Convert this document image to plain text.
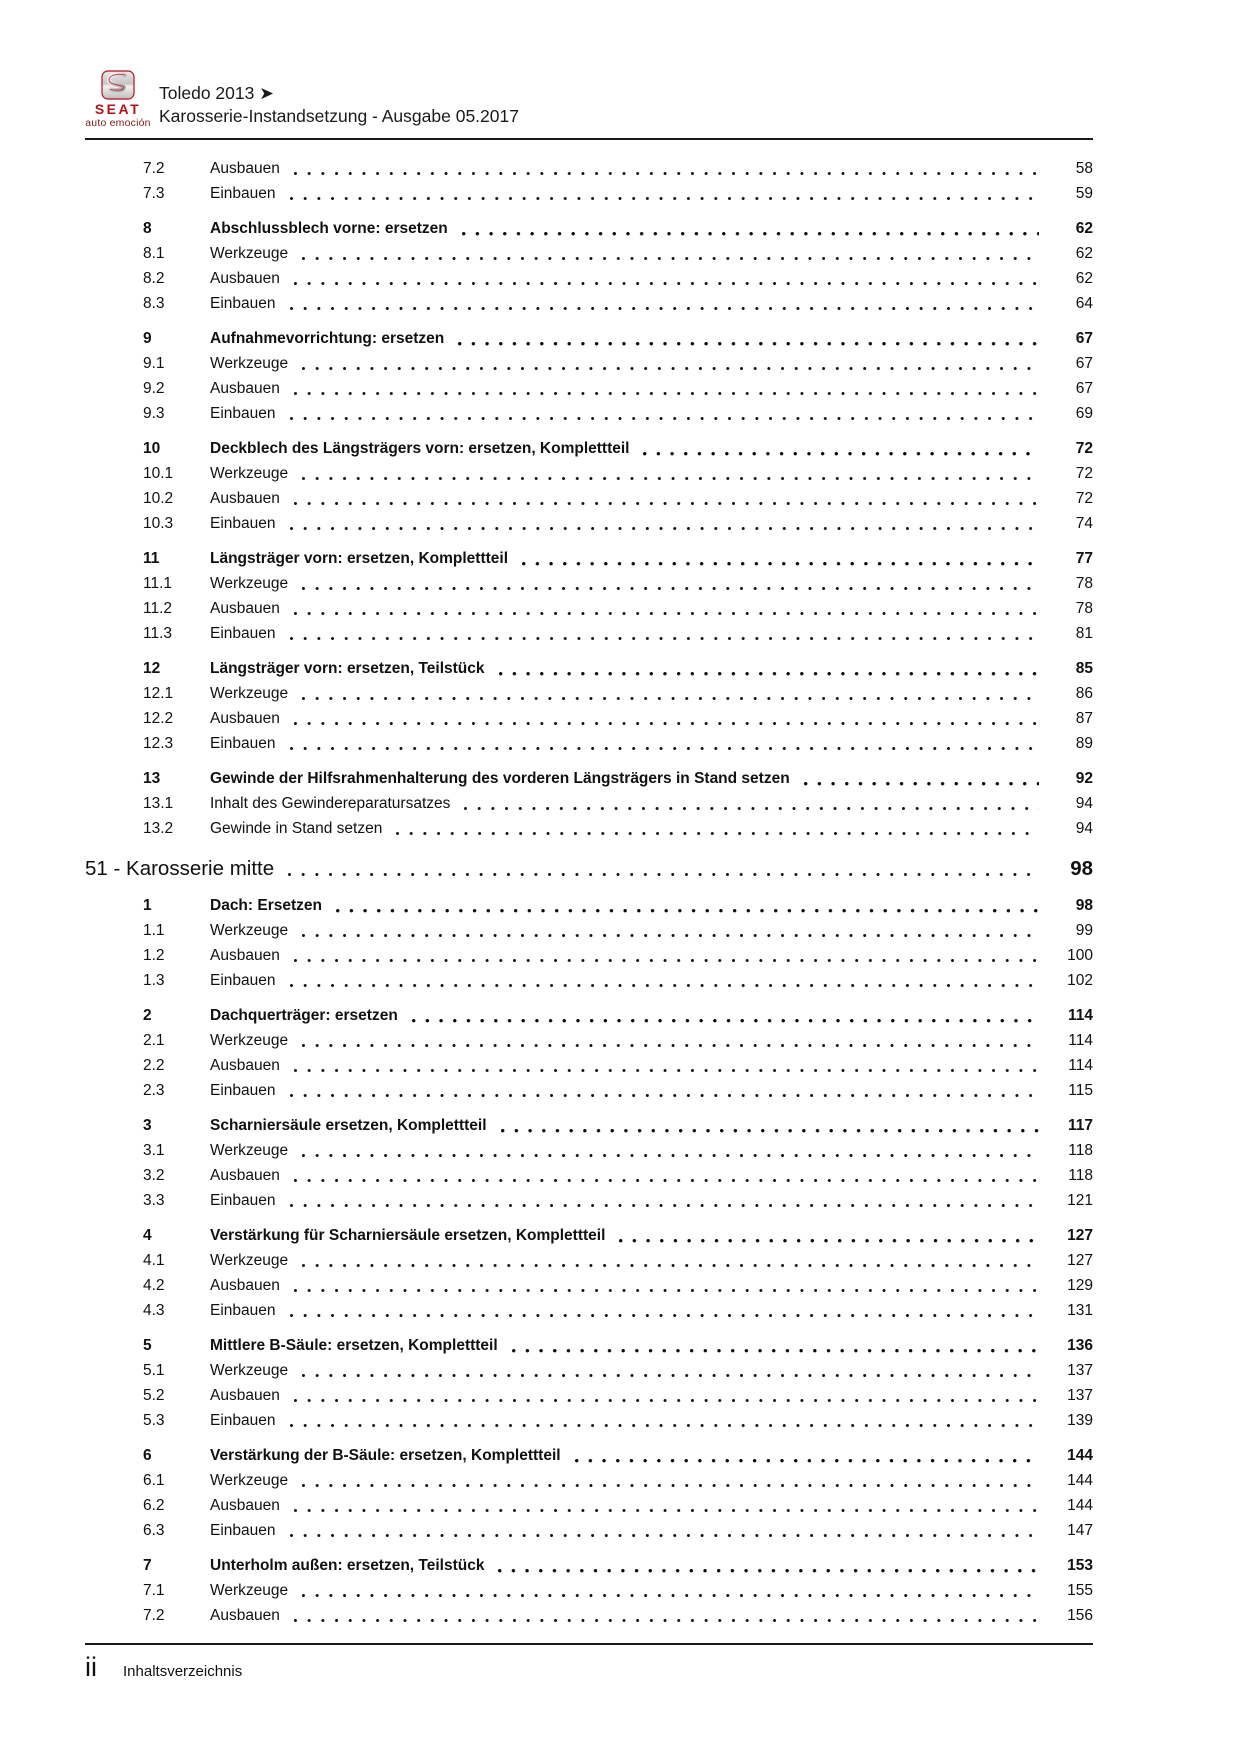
SEAT
auto emoción
Toledo 2013 ➤
Karosserie-Instandsetzung - Ausgabe 05.2017
7.2	Ausbauen	58
7.3	Einbauen	59
8	Abschlussblech vorne: ersetzen	62
8.1	Werkzeuge	62
8.2	Ausbauen	62
8.3	Einbauen	64
9	Aufnahmevorrichtung: ersetzen	67
9.1	Werkzeuge	67
9.2	Ausbauen	67
9.3	Einbauen	69
10	Deckblech des Längsträgers vorn: ersetzen, Komplettteil	72
10.1	Werkzeuge	72
10.2	Ausbauen	72
10.3	Einbauen	74
11	Längsträger vorn: ersetzen, Komplettteil	77
11.1	Werkzeuge	78
11.2	Ausbauen	78
11.3	Einbauen	81
12	Längsträger vorn: ersetzen, Teilstück	85
12.1	Werkzeuge	86
12.2	Ausbauen	87
12.3	Einbauen	89
13	Gewinde der Hilfsrahmenhalterung des vorderen Längsträgers in Stand setzen	92
13.1	Inhalt des Gewindereparatursatzes	94
13.2	Gewinde in Stand setzen	94
51 - Karosserie mitte	98
1	Dach: Ersetzen	98
1.1	Werkzeuge	99
1.2	Ausbauen	100
1.3	Einbauen	102
2	Dachquerträger: ersetzen	114
2.1	Werkzeuge	114
2.2	Ausbauen	114
2.3	Einbauen	115
3	Scharniersäule ersetzen, Komplettteil	117
3.1	Werkzeuge	118
3.2	Ausbauen	118
3.3	Einbauen	121
4	Verstärkung für Scharniersäule ersetzen, Komplettteil	127
4.1	Werkzeuge	127
4.2	Ausbauen	129
4.3	Einbauen	131
5	Mittlere B-Säule: ersetzen, Komplettteil	136
5.1	Werkzeuge	137
5.2	Ausbauen	137
5.3	Einbauen	139
6	Verstärkung der B-Säule: ersetzen, Komplettteil	144
6.1	Werkzeuge	144
6.2	Ausbauen	144
6.3	Einbauen	147
7	Unterholm außen: ersetzen, Teilstück	153
7.1	Werkzeuge	155
7.2	Ausbauen	156
ii Inhaltsverzeichnis
